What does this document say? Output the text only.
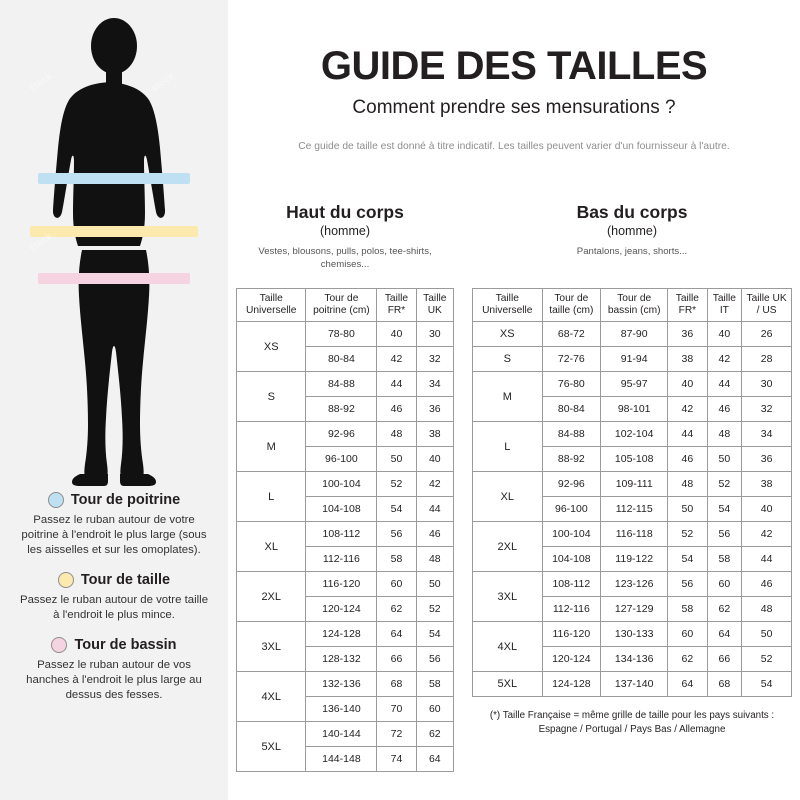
stock.	stock.
stock.
Tour de poitrine
Passez le ruban autour de votre poitrine à l'endroit le plus large (sous les aisselles et sur les omoplates).
Tour de taille
Passez le ruban autour de votre taille à l'endroit le plus mince.
Tour de bassin
Passez le ruban autour de vos hanches à l'endroit le plus large au dessus des fesses.
GUIDE DES TAILLES
Comment prendre ses mensurations ?
Ce guide de taille est donné à titre indicatif. Les tailles peuvent varier d'un fournisseur à l'autre.
Haut du corps
(homme)
Vestes, blousons, pulls, polos, tee-shirts, chemises...
Taille Universelle	Tour de poitrine (cm)	Taille FR*	Taille UK
XS	78-80	40	30
	80-84	42	32
S	84-88	44	34
	88-92	46	36
M	92-96	48	38
	96-100	50	40
L	100-104	52	42
	104-108	54	44
XL	108-112	56	46
	112-116	58	48
2XL	116-120	60	50
	120-124	62	52
3XL	124-128	64	54
	128-132	66	56
4XL	132-136	68	58
	136-140	70	60
5XL	140-144	72	62
	144-148	74	64
Bas du corps
(homme)
Pantalons, jeans, shorts...
Taille Universelle	Tour de taille (cm)	Tour de bassin (cm)	Taille FR*	Taille IT	Taille UK / US
XS	68-72	87-90	36	40	26
S	72-76	91-94	38	42	28
M	76-80	95-97	40	44	30
	80-84	98-101	42	46	32
L	84-88	102-104	44	48	34
	88-92	105-108	46	50	36
XL	92-96	109-111	48	52	38
	96-100	112-115	50	54	40
2XL	100-104	116-118	52	56	42
	104-108	119-122	54	58	44
3XL	108-112	123-126	56	60	46
	112-116	127-129	58	62	48
4XL	116-120	130-133	60	64	50
	120-124	134-136	62	66	52
5XL	124-128	137-140	64	68	54
(*) Taille Française = même grille de taille pour les pays suivants :
Espagne / Portugal / Pays Bas / Allemagne
